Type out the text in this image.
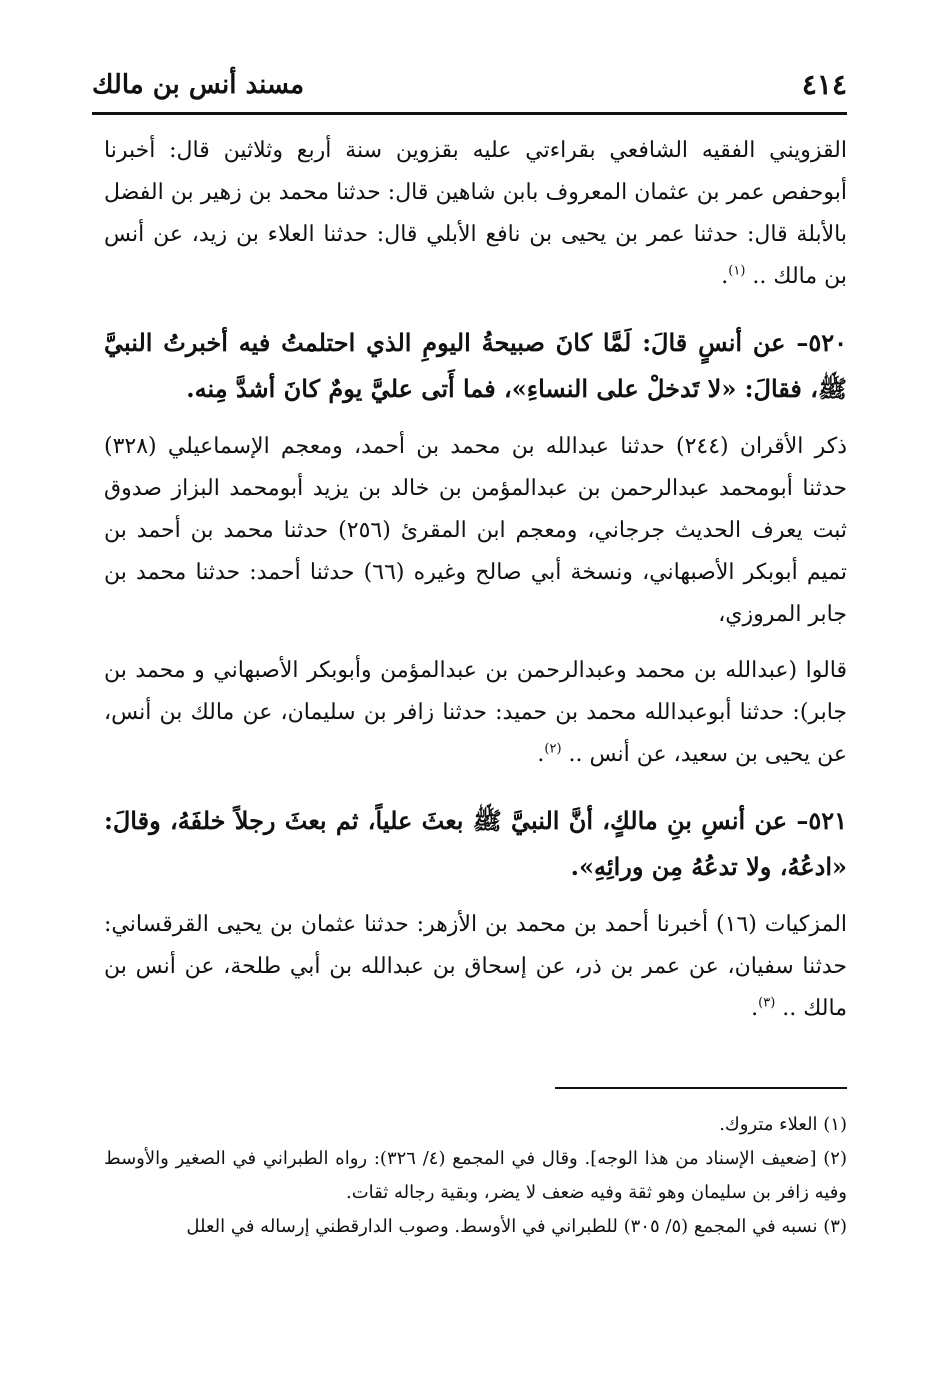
٤١٤
مسند أنس بن مالك

القزويني الفقيه الشافعي بقراءتي عليه بقزوين سنة أربع وثلاثين قال: أخبرنا أبوحفص عمر بن عثمان المعروف بابن شاهين قال: حدثنا محمد بن زهير بن الفضل بالأبلة قال: حدثنا عمر بن يحيى بن نافع الأبلي قال: حدثنا العلاء بن زيد، عن أنس بن مالك .. $^{(١)}$.

٥٢٠– عن أنسٍ قالَ: لَمَّا كانَ صبيحةُ اليومِ الذي احتلمتُ فيه أخبرتُ النبيَّ ﷺ، فقالَ: «لا تَدخلْ على النساءِ»، فما أَتى عليَّ يومٌ كانَ أشدَّ مِنه.

ذكر الأقران (٢٤٤) حدثنا عبدالله بن محمد بن أحمد، ومعجم الإسماعيلي (٣٢٨) حدثنا أبومحمد عبدالرحمن بن عبدالمؤمن بن خالد بن يزيد أبومحمد البزاز صدوق ثبت يعرف الحديث جرجاني، ومعجم ابن المقرئ (٢٥٦) حدثنا محمد بن أحمد بن تميم أبوبكر الأصبهاني، ونسخة أبي صالح وغيره (٦٦) حدثنا أحمد: حدثنا محمد بن جابر المروزي،

قالوا (عبدالله بن محمد وعبدالرحمن بن عبدالمؤمن وأبوبكر الأصبهاني و محمد بن جابر): حدثنا أبوعبدالله محمد بن حميد: حدثنا زافر بن سليمان، عن مالك بن أنس، عن يحيى بن سعيد، عن أنس .. $^{(٢)}$.

٥٢١– عن أنسِ بنِ مالكٍ، أنَّ النبيَّ ﷺ بعثَ علياً، ثم بعثَ رجلاً خلفَهُ، وقالَ: «ادعُهُ، ولا تدعُهُ مِن ورائِهِ».

المزكيات (١٦) أخبرنا أحمد بن محمد بن الأزهر: حدثنا عثمان بن يحيى القرقساني: حدثنا سفيان، عن عمر بن ذر، عن إسحاق بن عبدالله بن أبي طلحة، عن أنس بن مالك .. $^{(٣)}$.

(١) العلاء متروك.

(٢) [ضعيف الإسناد من هذا الوجه]. وقال في المجمع (٤/ ٣٢٦): رواه الطبراني في الصغير والأوسط وفيه زافر بن سليمان وهو ثقة وفيه ضعف لا يضر، وبقية رجاله ثقات.

(٣) نسبه في المجمع (٥/ ٣٠٥) للطبراني في الأوسط. وصوب الدارقطني إرساله في العلل
